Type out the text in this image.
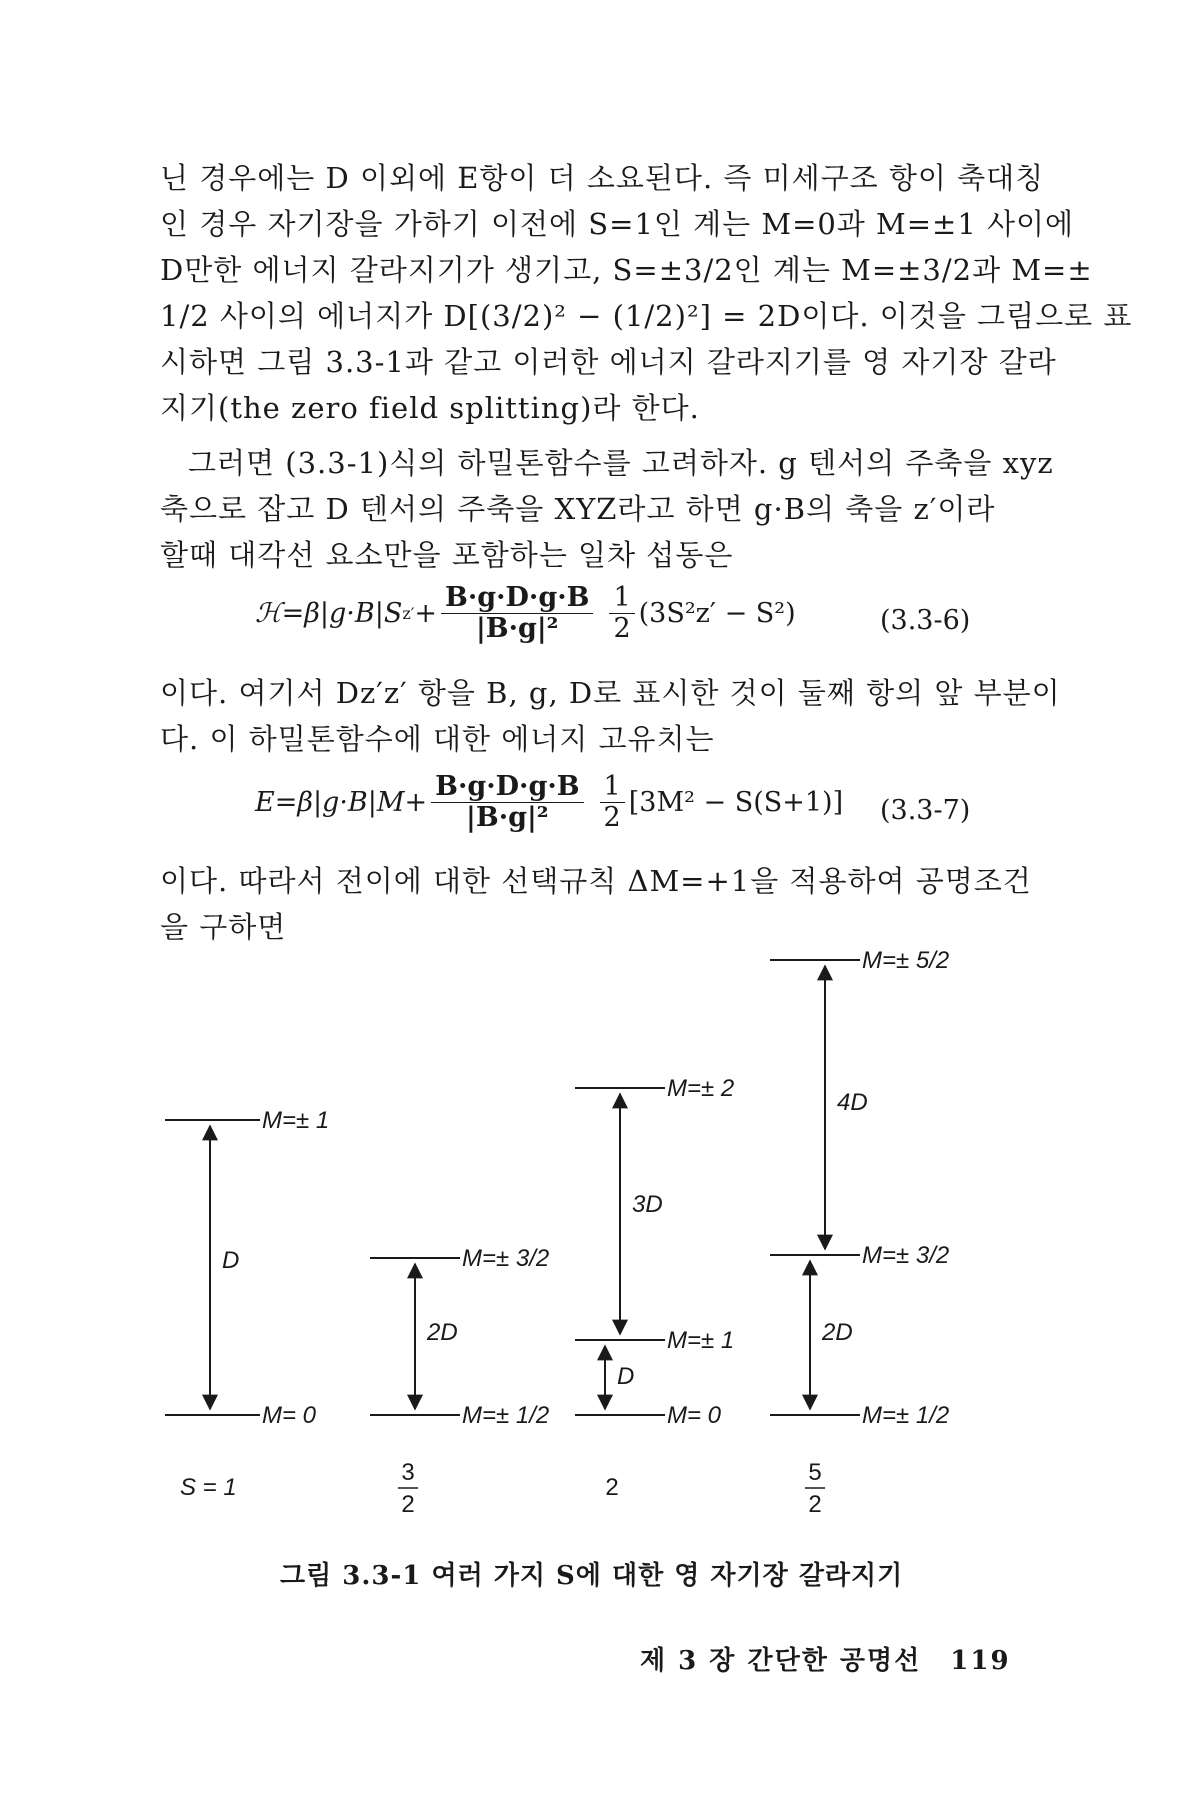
닌 경우에는 D 이외에 E항이 더 소요된다. 즉 미세구조 항이 축대칭
인 경우 자기장을 가하기 이전에 S=1인 계는 M=0과 M=±1 사이에
D만한 에너지 갈라지기가 생기고, S=±3/2인 계는 M=±3/2과 M=±
1/2 사이의 에너지가 D[(3/2)² − (1/2)²] = 2D이다. 이것을 그림으로 표
시하면 그림 3.3-1과 같고 이러한 에너지 갈라지기를 영 자기장 갈라
지기(the zero field splitting)라 한다.
그러면 (3.3-1)식의 하밀톤함수를 고려하자. g 텐서의 주축을 xyz
축으로 잡고 D 텐서의 주축을 XYZ라고 하면 g·B의 축을 z′이라
할때 대각선 요소만을 포함하는 일차 섭동은
ℋ=β|g·B|S $z' + \frac{B\cdot g\cdot D\cdot g\cdot B}{\text{|B·g|²}} \frac{1}{2} (3S^2z' - S^2)$	(3.3-6)
이다. 여기서 Dz′z′ 항을 B, g, D로 표시한 것이 둘째 항의 앞 부분이
다. 이 하밀톤함수에 대한 에너지 고유치는
$E=\beta|g\cdot B|M+ \frac{B\cdot g\cdot D\cdot g\cdot B}{\text{|B·g|²}} \frac{1}{2} [3M^2 - S(S+1)]$ (3.3-7)
이다. 따라서 전이에 대한 선택규칙 ΔM=+1을 적용하여 공명조건
을 구하면
M=± 1
M= 0
M=± 3/2
M=± 1/2
M=± 2
M=± 1
M= 0
M=± 5/2
M=± 3/2
M=± 1/2
D
2D
3D
D
4D
2D
S = 1
3
2
2
5
2
그림 3.3-1 여러 가지 S에 대한 영 자기장 갈라지기
제 3 장 간단한 공명선 119
